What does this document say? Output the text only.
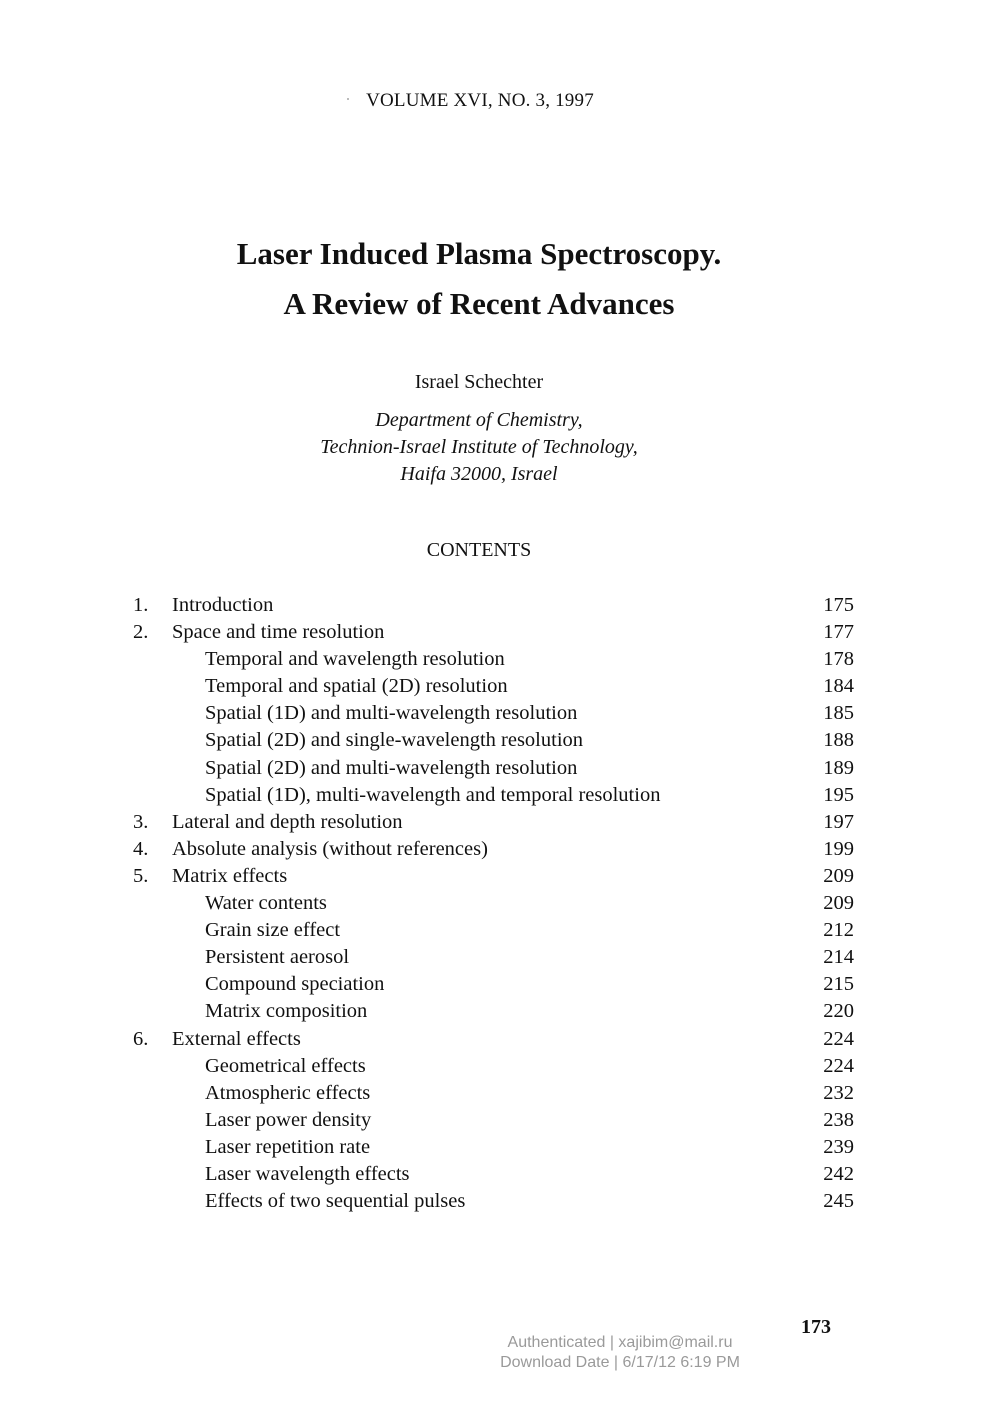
VOLUME XVI, NO. 3, 1997
Laser Induced Plasma Spectroscopy.
A Review of Recent Advances
Israel Schechter
Department of Chemistry,
Technion-Israel Institute of Technology,
Haifa 32000, Israel
CONTENTS
1. Introduction	175
2. Space and time resolution	177
Temporal and wavelength resolution	178
Temporal and spatial (2D) resolution	184
Spatial (1D) and multi-wavelength resolution	185
Spatial (2D) and single-wavelength resolution	188
Spatial (2D) and multi-wavelength resolution	189
Spatial (1D), multi-wavelength and temporal resolution	195
3. Lateral and depth resolution	197
4. Absolute analysis (without references)	199
5. Matrix effects	209
Water contents	209
Grain size effect	212
Persistent aerosol	214
Compound speciation	215
Matrix composition	220
6. External effects	224
Geometrical effects	224
Atmospheric effects	232
Laser power density	238
Laser repetition rate	239
Laser wavelength effects	242
Effects of two sequential pulses	245
173
Authenticated | xajibim@mail.ru
Download Date | 6/17/12 6:19 PM
